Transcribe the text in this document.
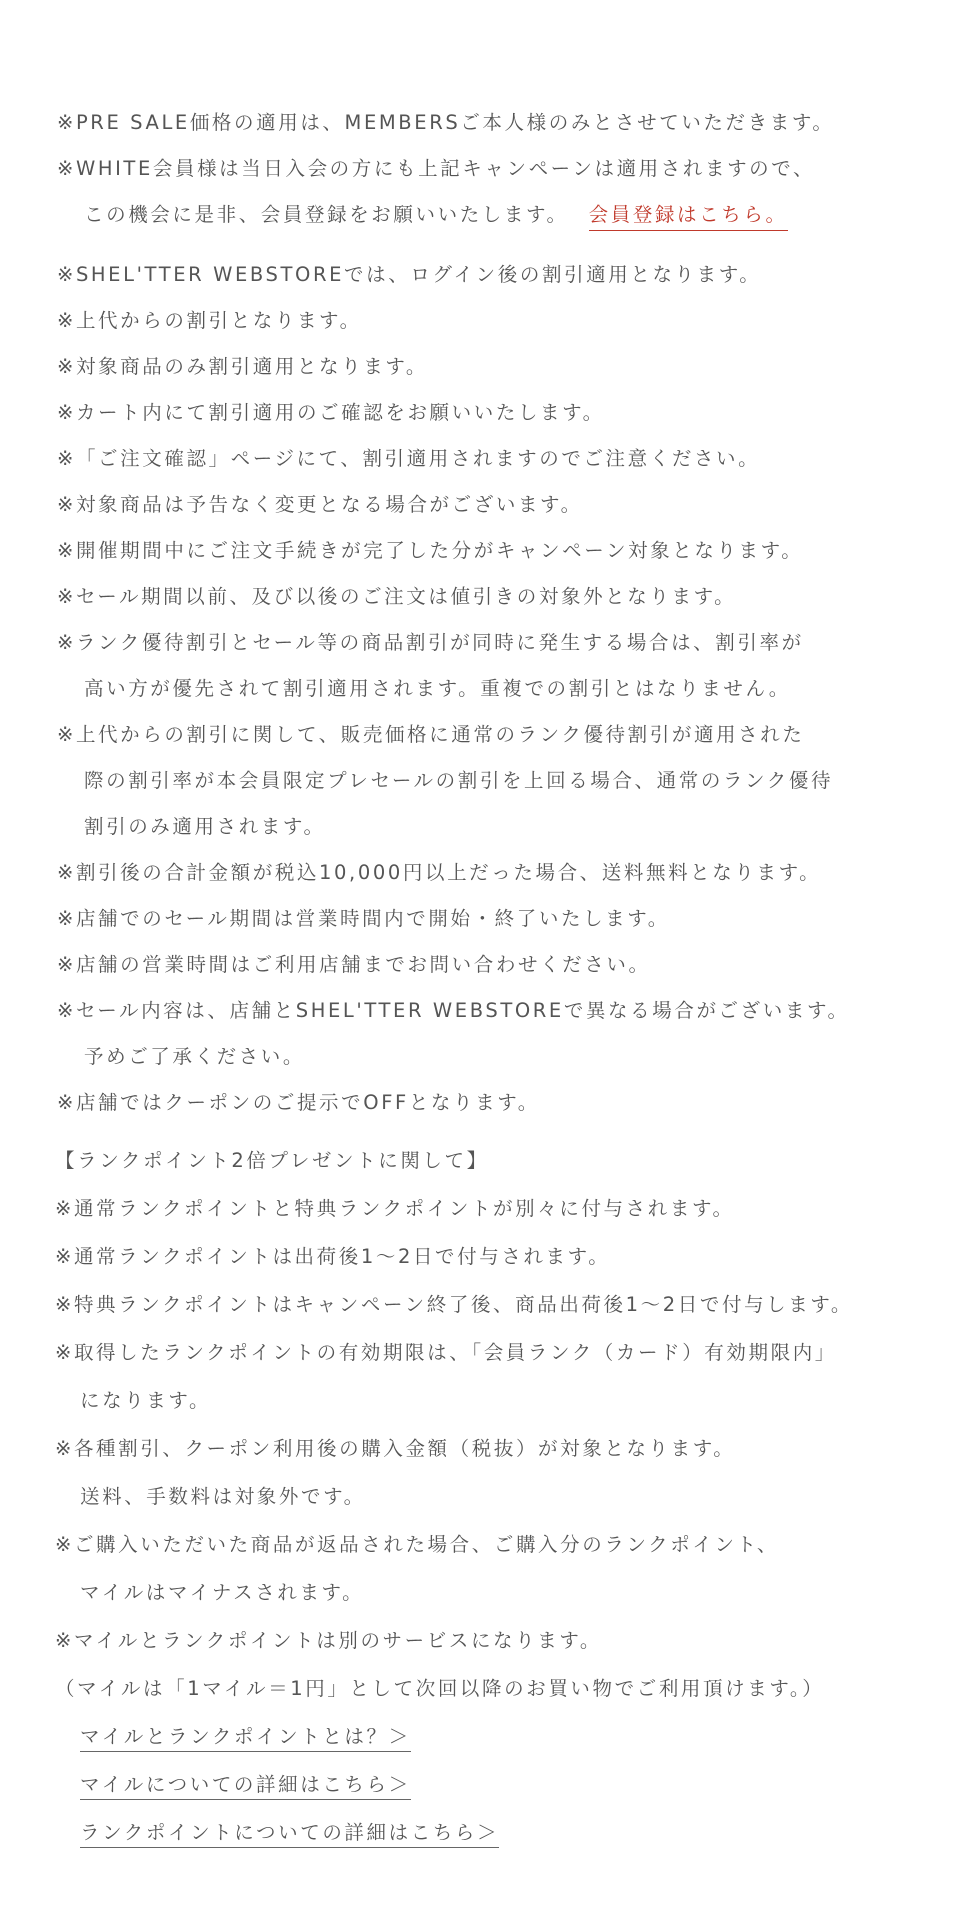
※PRE SALE価格の適用は、MEMBERSご本人様のみとさせていただきます。
※WHITE会員様は当日入会の方にも上記キャンペーンは適用されますので、
この機会に是非、会員登録をお願いいたします。 会員登録はこちら。
※SHEL'TTER WEBSTOREでは、ログイン後の割引適用となります。
※上代からの割引となります。
※対象商品のみ割引適用となります。
※カート内にて割引適用のご確認をお願いいたします。
※「ご注文確認」ページにて、割引適用されますのでご注意ください。
※対象商品は予告なく変更となる場合がございます。
※開催期間中にご注文手続きが完了した分がキャンペーン対象となります。
※セール期間以前、及び以後のご注文は値引きの対象外となります。
※ランク優待割引とセール等の商品割引が同時に発生する場合は、割引率が
高い方が優先されて割引適用されます。重複での割引とはなりません。
※上代からの割引に関して、販売価格に通常のランク優待割引が適用された
際の割引率が本会員限定プレセールの割引を上回る場合、通常のランク優待
割引のみ適用されます。
※割引後の合計金額が税込10,000円以上だった場合、送料無料となります。
※店舗でのセール期間は営業時間内で開始・終了いたします。
※店舗の営業時間はご利用店舗までお問い合わせください。
※セール内容は、店舗とSHEL'TTER WEBSTOREで異なる場合がございます。
予めご了承ください。
※店舗ではクーポンのご提示でOFFとなります。
【ランクポイント2倍プレゼントに関して】
※通常ランクポイントと特典ランクポイントが別々に付与されます。
※通常ランクポイントは出荷後1～2日で付与されます。
※特典ランクポイントはキャンペーン終了後、商品出荷後1～2日で付与します。
※取得したランクポイントの有効期限は、「会員ランク（カード）有効期限内」
になります。
※各種割引、クーポン利用後の購入金額（税抜）が対象となります。
送料、手数料は対象外です。
※ご購入いただいた商品が返品された場合、ご購入分のランクポイント、
マイルはマイナスされます。
※マイルとランクポイントは別のサービスになります。
（マイルは「1マイル＝1円」として次回以降のお買い物でご利用頂けます。）
マイルとランクポイントとは？＞
マイルについての詳細はこちら＞
ランクポイントについての詳細はこちら＞
